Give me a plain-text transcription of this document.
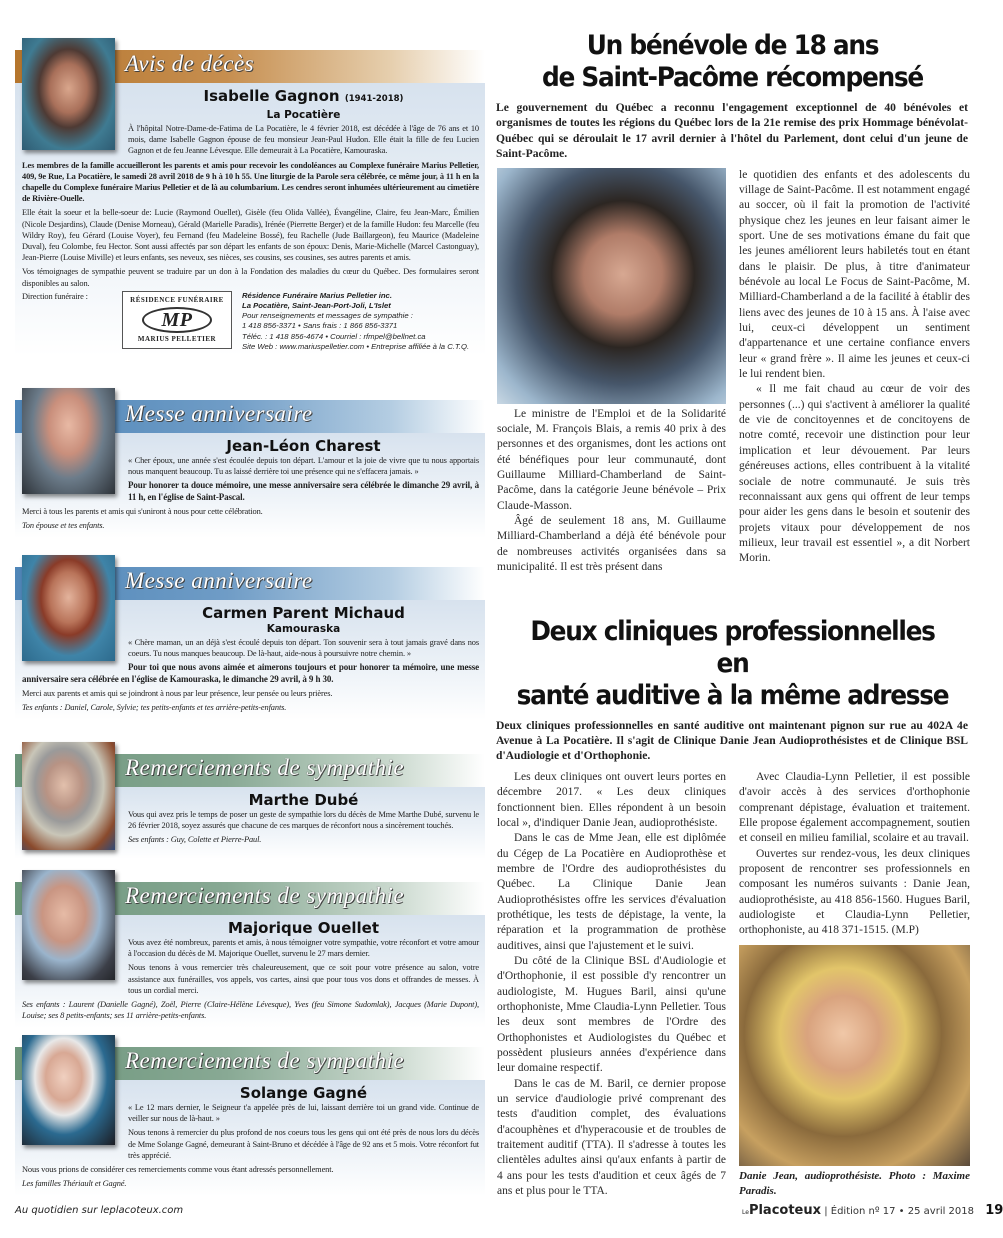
Avis de décès
Isabelle Gagnon (1941-2018)
La Pocatière

À l'hôpital Notre-Dame-de-Fatima de La Pocatière, le 4 février 2018, est décédée à l'âge de 76 ans et 10 mois, dame Isabelle Gagnon épouse de feu monsieur Jean-Paul Hudon. Elle était la fille de feu Lucien Gagnon et de feu Jeanne Lévesque. Elle demeurait à La Pocatière, Kamouraska.

Les membres de la famille accueilleront les parents et amis pour recevoir les condoléances au Complexe funéraire Marius Pelletier, 409, 9e Rue, La Pocatière, le samedi 28 avril 2018 de 9 h à 10 h 55. Une liturgie de la Parole sera célébrée, ce même jour, à 11 h en la chapelle du Complexe funéraire Marius Pelletier et de là au columbarium. Les cendres seront inhumées ultérieurement au cimetière de Rivière-Ouelle.

Elle était la soeur et la belle-soeur de: Lucie (Raymond Ouellet), Gisèle (feu Olida Vallée), Évangéline, Claire, feu Jean-Marc, Émilien (Nicole Desjardins), Claude (Denise Morneau), Gérald (Marielle Paradis), Irénée (Pierrette Berger) et de la famille Hudon: feu Marcelle (feu Wildry Roy), feu Gérard (Louise Voyer), feu Fernand (feu Madeleine Bossé), feu Rachelle (Jude Baillargeon), feu Maurice (Madeleine Duval), feu Colombe, feu Hector. Sont aussi affectés par son départ les enfants de son époux: Denis, Marie-Michelle (Marcel Castonguay), Jean-Pierre (Louise Miville) et leurs enfants, ses neveux, ses nièces, ses cousins, ses cousines, ses autres parents et amis.

Vos témoignages de sympathie peuvent se traduire par un don à la Fondation des maladies du cœur du Québec. Des formulaires seront disponibles au salon.

Direction funéraire :	RÉSIDENCE FUNÉRAIRE
MP
MARIUS PELLETIER
Résidence Funéraire Marius Pelletier inc.
La Pocatière, Saint-Jean-Port-Joli, L'Islet
Pour renseignements et messages de sympathie :
1 418 856-3371 • Sans frais : 1 866 856-3371
Téléc. : 1 418 856-4674 • Courriel : rfmpel@bellnet.ca
Site Web : www.mariuspelletier.com • Entreprise affiliée à la C.T.Q.
Messe anniversaire
Jean-Léon Charest

« Cher époux, une année s'est écoulée depuis ton départ. L'amour et la joie de vivre que tu nous apportais nous manquent beaucoup. Tu as laissé derrière toi une présence qui ne s'effacera jamais. »

Pour honorer ta douce mémoire, une messe anniversaire sera célébrée le dimanche 29 avril, à 11 h, en l'église de Saint-Pascal.

Merci à tous les parents et amis qui s'uniront à nous pour cette célébration.

Ton épouse et tes enfants.

Messe anniversaire
Carmen Parent Michaud
Kamouraska

« Chère maman, un an déjà s'est écoulé depuis ton départ. Ton souvenir sera à tout jamais gravé dans nos coeurs. Tu nous manques beaucoup. De là-haut, aide-nous à poursuivre notre chemin. »

Pour toi que nous avons aimée et aimerons toujours et pour honorer ta mémoire, une messe anniversaire sera célébrée en l'église de Kamouraska, le dimanche 29 avril, à 9 h 30.

Merci aux parents et amis qui se joindront à nous par leur présence, leur pensée ou leurs prières.

Tes enfants : Daniel, Carole, Sylvie; tes petits-enfants et tes arrière-petits-enfants.

Remerciements de sympathie
Marthe Dubé

Vous qui avez pris le temps de poser un geste de sympathie lors du décès de Mme Marthe Dubé, survenu le 26 février 2018, soyez assurés que chacune de ces marques de réconfort nous a sincèrement touchés.

Ses enfants : Guy, Colette et Pierre-Paul.

Remerciements de sympathie
Majorique Ouellet

Vous avez été nombreux, parents et amis, à nous témoigner votre sympathie, votre réconfort et votre amour à l'occasion du décès de M. Majorique Ouellet, survenu le 27 mars dernier.

Nous tenons à vous remercier très chaleureusement, que ce soit pour votre présence au salon, votre assistance aux funérailles, vos appels, vos cartes, ainsi que pour tous vos dons et offrandes de messes. À tous un cordial merci.

Ses enfants : Laurent (Danielle Gagné), Zoël, Pierre (Claire-Hélène Lévesque), Yves (feu Simone Sudomlak), Jacques (Marie Dupont), Louise; ses 8 petits-enfants; ses 11 arrière-petits-enfants.

Remerciements de sympathie
Solange Gagné

« Le 12 mars dernier, le Seigneur t'a appelée près de lui, laissant derrière toi un grand vide. Continue de veiller sur nous de là-haut. »

Nous tenons à remercier du plus profond de nos coeurs tous les gens qui ont été près de nous lors du décès de Mme Solange Gagné, demeurant à Saint-Bruno et décédée à l'âge de 92 ans et 5 mois. Votre réconfort fut très apprécié.

Nous vous prions de considérer ces remerciements comme vous étant adressés personnellement.

Les familles Thériault et Gagné.

Au quotidien sur leplacoteux.com
Un bénévole de 18 ans
de Saint-Pacôme récompensé
Le gouvernement du Québec a reconnu l'engagement exceptionnel de 40 bénévoles et organismes de toutes les régions du Québec lors de la 21e remise des prix Hommage bénévolat-Québec qui se déroulait le 17 avril dernier à l'hôtel du Parlement, dont celui d'un jeune de Saint-Pacôme.

Le ministre de l'Emploi et de la Solidarité sociale, M. François Blais, a remis 40 prix à des personnes et des organismes, dont les actions ont été bénéfiques pour leur communauté, dont Guillaume Milliard-Chamberland de Saint-Pacôme, dans la catégorie Jeune bénévole – Prix Claude-Masson.

Âgé de seulement 18 ans, M. Guillaume Milliard-Chamberland a déjà été bénévole pour de nombreuses activités organisées dans sa municipalité. Il est très présent dans

le quotidien des enfants et des adolescents du village de Saint-Pacôme. Il est notamment engagé au soccer, où il fait la promotion de l'activité physique chez les jeunes en leur faisant aimer le sport. Une de ses motivations émane du fait que les jeunes améliorent leurs habiletés tout en étant dans le plaisir. De plus, à titre d'animateur bénévole au local Le Focus de Saint-Pacôme, M. Milliard-Chamberland a de la facilité à établir des liens avec des jeunes de 10 à 15 ans. À l'aise avec lui, ceux-ci développent un sentiment d'appartenance et une certaine confiance envers leur « grand frère ». Il aime les jeunes et ceux-ci le lui rendent bien.

« Il me fait chaud au cœur de voir des personnes (...) qui s'activent à améliorer la qualité de vie de concitoyennes et de concitoyens de notre comté, recevoir une distinction pour leur implication et leur dévouement. Par leurs généreuses actions, elles contribuent à la vitalité sociale de notre communauté. Je suis très reconnaissant aux gens qui offrent de leur temps pour aider les gens dans le besoin et soutenir des projets vitaux pour développement de nos milieux, leur travail est essentiel », a dit Norbert Morin.

Deux cliniques professionnelles en
santé auditive à la même adresse
Deux cliniques professionnelles en santé auditive ont maintenant pignon sur rue au 402A 4e Avenue à La Pocatière. Il s'agit de Clinique Danie Jean Audioprothésistes et de Clinique BSL d'Audiologie et d'Orthophonie.

Les deux cliniques ont ouvert leurs portes en décembre 2017. « Les deux cliniques fonctionnent bien. Elles répondent à un besoin local », d'indiquer Danie Jean, audioprothésiste.

Dans le cas de Mme Jean, elle est diplômée du Cégep de La Pocatière en Audioprothèse et membre de l'Ordre des audioprothésistes du Québec. La Clinique Danie Jean Audioprothésistes offre les services d'évaluation prothétique, les tests de dépistage, la vente, la réparation et la programmation de prothèse auditives, ainsi que l'ajustement et le suivi.

Du côté de la Clinique BSL d'Audiologie et d'Orthophonie, il est possible d'y rencontrer un audiologiste, M. Hugues Baril, ainsi qu'une orthophoniste, Mme Claudia-Lynn Pelletier. Tous les deux sont membres de l'Ordre des Orthophonistes et Audiologistes du Québec et possèdent plusieurs années d'expérience dans leur domaine respectif.

Dans le cas de M. Baril, ce dernier propose un service d'audiologie privé comprenant des tests d'audition complet, des évaluations d'acouphènes et d'hyperacousie et de troubles de traitement auditif (TTA). Il s'adresse à toutes les clientèles adultes ainsi qu'aux enfants à partir de 4 ans pour les tests d'audition et ceux âgés de 7 ans et plus pour le TTA.

Avec Claudia-Lynn Pelletier, il est possible d'avoir accès à des services d'orthophonie comprenant dépistage, évaluation et traitement. Elle propose également accompagnement, soutien et conseil en milieu familial, scolaire et au travail.

Ouvertes sur rendez-vous, les deux cliniques proposent de rencontrer ses professionnels en composant les numéros suivants : Danie Jean, audioprothésiste, au 418 856-1560. Hugues Baril, audiologiste et Claudia-Lynn Pelletier, orthophoniste, au 418 371-1515. (M.P)

Danie Jean, audioprothésiste. Photo : Maxime Paradis.
LePlacoteux | Édition nº 17 • 25 avril 2018 19
